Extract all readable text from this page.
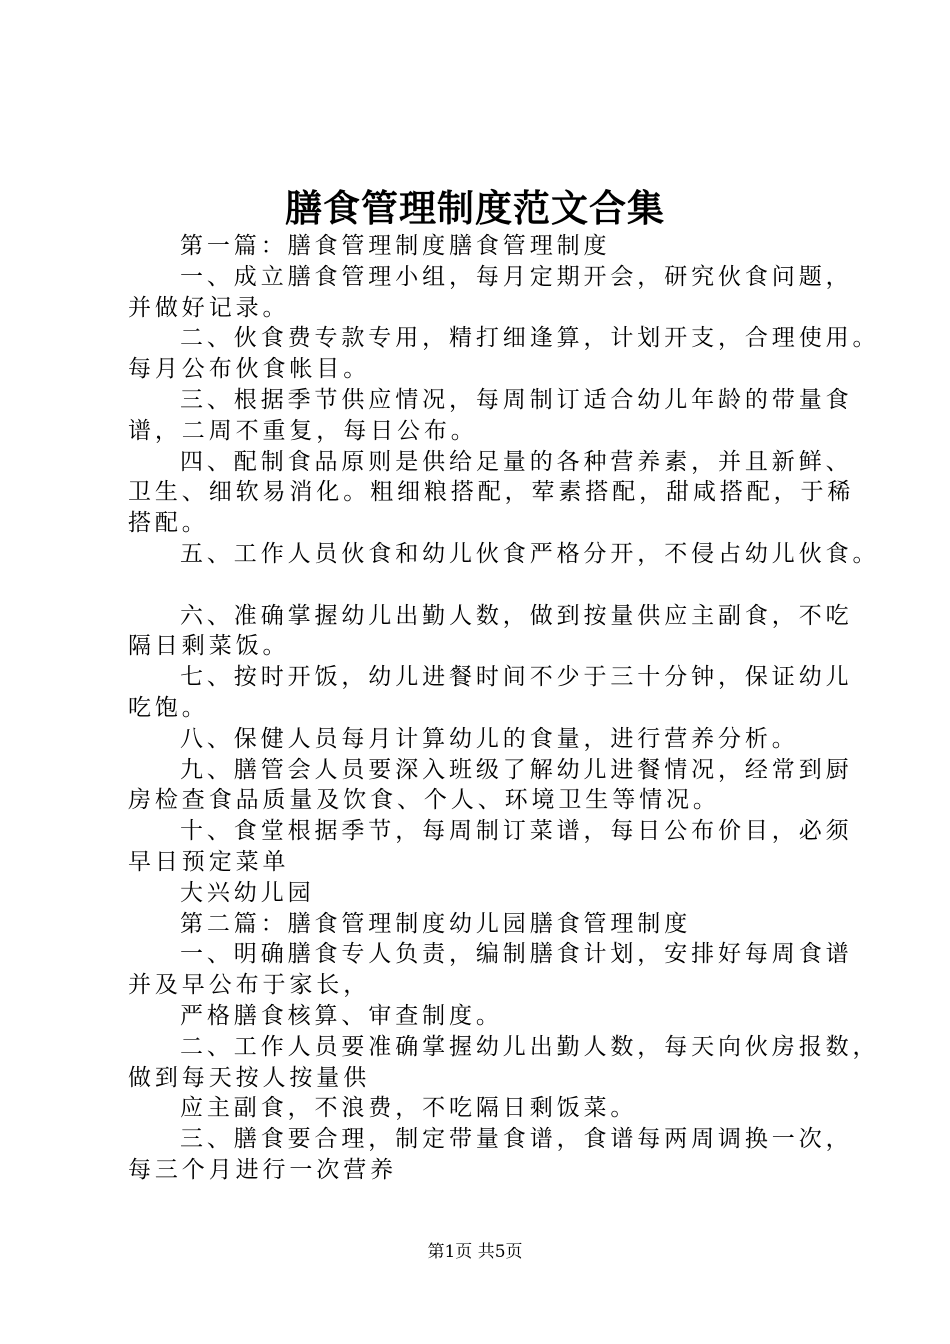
膳食管理制度范文合集
第一篇：膳食管理制度膳食管理制度
一、成立膳食管理小组，每月定期开会，研究伙食问题，
并做好记录。
二、伙食费专款专用，精打细逢算，计划开支，合理使用。
每月公布伙食帐目。
三、根据季节供应情况，每周制订适合幼儿年龄的带量食
谱，二周不重复，每日公布。
四、配制食品原则是供给足量的各种营养素，并且新鲜、
卫生、细软易消化。粗细粮搭配，荤素搭配，甜咸搭配，于稀
搭配。
五、工作人员伙食和幼儿伙食严格分开，不侵占幼儿伙食。
六、准确掌握幼儿出勤人数，做到按量供应主副食，不吃
隔日剩菜饭。
七、按时开饭，幼儿进餐时间不少于三十分钟，保证幼儿
吃饱。
八、保健人员每月计算幼儿的食量，进行营养分析。
九、膳管会人员要深入班级了解幼儿进餐情况，经常到厨
房检查食品质量及饮食、个人、环境卫生等情况。
十、食堂根据季节，每周制订菜谱，每日公布价目，必须
早日预定菜单
大兴幼儿园
第二篇：膳食管理制度幼儿园膳食管理制度
一、明确膳食专人负责，编制膳食计划，安排好每周食谱
并及早公布于家长，
严格膳食核算、审查制度。
二、工作人员要准确掌握幼儿出勤人数，每天向伙房报数，
做到每天按人按量供
应主副食，不浪费，不吃隔日剩饭菜。
三、膳食要合理，制定带量食谱，食谱每两周调换一次，
每三个月进行一次营养
第1页 共5页
